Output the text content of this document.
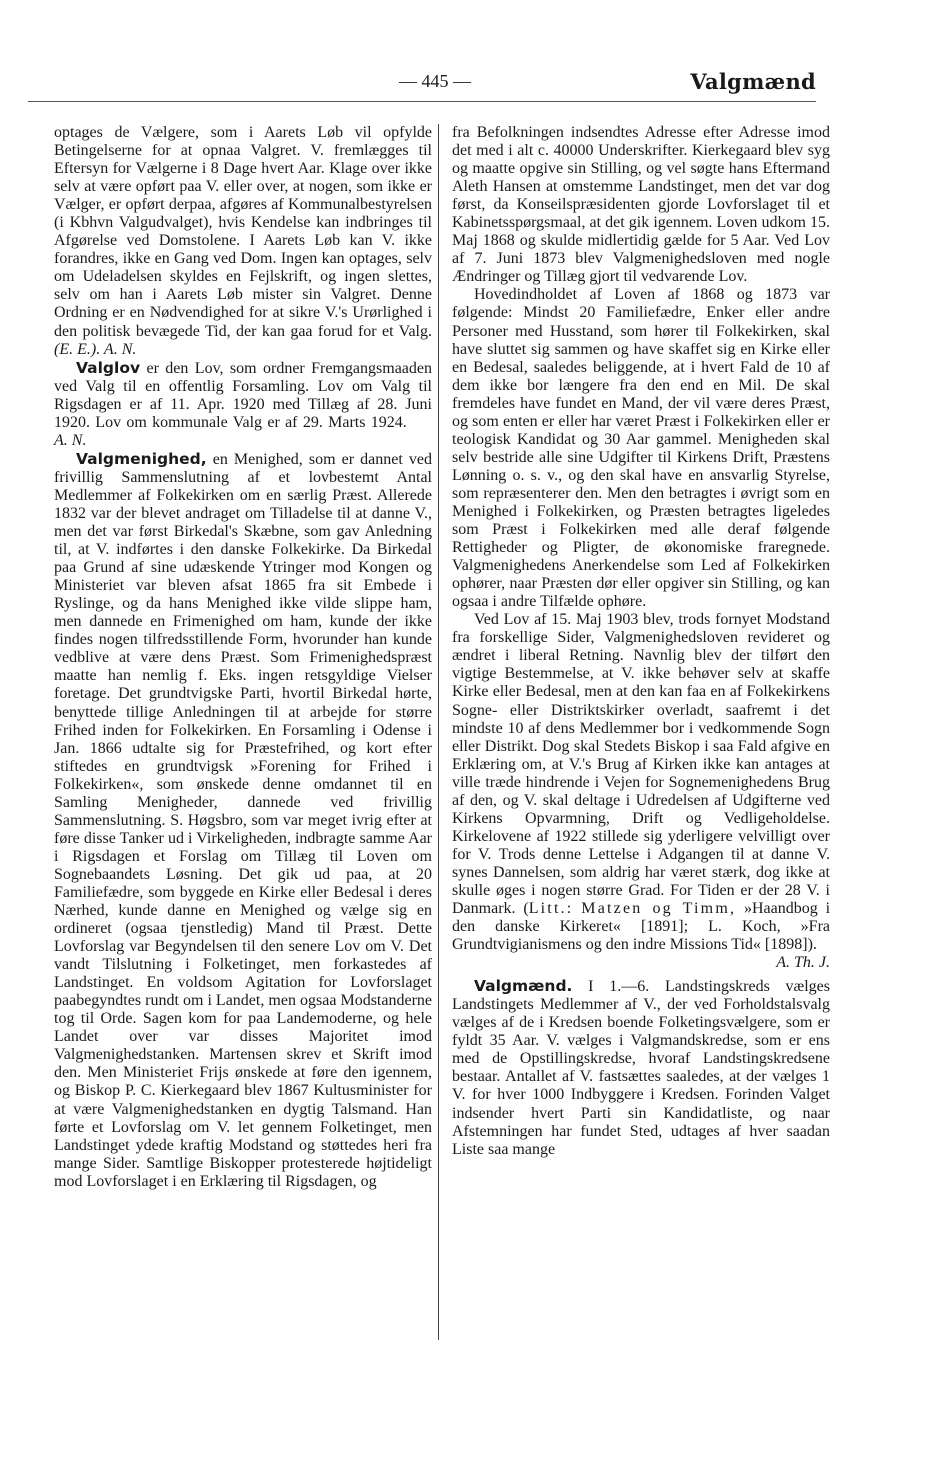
— 445 —	Valgmænd

optages de Vælgere, som i Aarets Løb vil opfylde Betingelserne for at opnaa Valgret. V. fremlægges til Eftersyn for Vælgerne i 8 Dage hvert Aar. Klage over ikke selv at være opført paa V. eller over, at nogen, som ikke er Vælger, er opført derpaa, afgøres af Kommunalbestyrelsen (i Kbhvn Valgudvalget), hvis Kendelse kan indbringes til Afgørelse ved Domstolene. I Aarets Løb kan V. ikke forandres, ikke en Gang ved Dom. Ingen kan optages, selv om Udeladelsen skyldes en Fejlskrift, og ingen slettes, selv om han i Aarets Løb mister sin Valgret. Denne Ordning er en Nødvendighed for at sikre V.'s Urørlighed i den politisk bevægede Tid, der kan gaa forud for et Valg. (E. E.). A. N.

Valglov er den Lov, som ordner Fremgangsmaaden ved Valg til en offentlig Forsamling. Lov om Valg til Rigsdagen er af 11. Apr. 1920 med Tillæg af 28. Juni 1920. Lov om kommunale Valg er af 29. Marts 1924.      A. N.

Valgmenighed, en Menighed, som er dannet ved frivillig Sammenslutning af et lovbestemt Antal Medlemmer af Folkekirken om en særlig Præst. Allerede 1832 var der blevet andraget om Tilladelse til at danne V., men det var først Birkedal's Skæbne, som gav Anledning til, at V. indførtes i den danske Folkekirke. Da Birkedal paa Grund af sine udæskende Ytringer mod Kongen og Ministeriet var bleven afsat 1865 fra sit Embede i Ryslinge, og da hans Menighed ikke vilde slippe ham, men dannede en Frimenighed om ham, kunde der ikke findes nogen tilfredsstillende Form, hvorunder han kunde vedblive at være dens Præst. Som Frimenighedspræst maatte han nemlig f. Eks. ingen retsgyldige Vielser foretage. Det grundtvigske Parti, hvortil Birkedal hørte, benyttede tillige Anledningen til at arbejde for større Frihed inden for Folkekirken. En Forsamling i Odense i Jan. 1866 udtalte sig for Præstefrihed, og kort efter stiftedes en grundtvigsk »Forening for Frihed i Folkekirken«, som ønskede denne omdannet til en Samling Menigheder, dannede ved frivillig Sammenslutning. S. Høgsbro, som var meget ivrig efter at føre disse Tanker ud i Virkeligheden, indbragte samme Aar i Rigsdagen et Forslag om Tillæg til Loven om Sognebaandets Løsning. Det gik ud paa, at 20 Familiefædre, som byggede en Kirke eller Bedesal i deres Nærhed, kunde danne en Menighed og vælge sig en ordineret (ogsaa tjenstledig) Mand til Præst. Dette Lovforslag var Begyndelsen til den senere Lov om V. Det vandt Tilslutning i Folketinget, men forkastedes af Landstinget. En voldsom Agitation for Lovforslaget paabegyndtes rundt om i Landet, men ogsaa Modstanderne tog til Orde. Sagen kom for paa Landemoderne, og hele Landet over var disses Majoritet imod Valgmenighedstanken. Martensen skrev et Skrift imod den. Men Ministeriet Frijs ønskede at føre den igennem, og Biskop P. C. Kierkegaard blev 1867 Kultusminister for at være Valgmenighedstanken en dygtig Talsmand. Han førte et Lovforslag om V. let gennem Folketinget, men Landstinget ydede kraftig Modstand og støttedes heri fra mange Sider. Samtlige Biskopper protesterede højtideligt mod Lovforslaget i en Erklæring til Rigsdagen, og

fra Befolkningen indsendtes Adresse efter Adresse imod det med i alt c. 40000 Underskrifter. Kierkegaard blev syg og maatte opgive sin Stilling, og vel søgte hans Eftermand Aleth Hansen at omstemme Landstinget, men det var dog først, da Konseilspræsidenten gjorde Lovforslaget til et Kabinetsspørgsmaal, at det gik igennem. Loven udkom 15. Maj 1868 og skulde midlertidig gælde for 5 Aar. Ved Lov af 7. Juni 1873 blev Valgmenighedsloven med nogle Ændringer og Tillæg gjort til vedvarende Lov.

Hovedindholdet af Loven af 1868 og 1873 var følgende: Mindst 20 Familiefædre, Enker eller andre Personer med Husstand, som hører til Folkekirken, skal have sluttet sig sammen og have skaffet sig en Kirke eller en Bedesal, saaledes beliggende, at i hvert Fald de 10 af dem ikke bor længere fra den end en Mil. De skal fremdeles have fundet en Mand, der vil være deres Præst, og som enten er eller har været Præst i Folkekirken eller er teologisk Kandidat og 30 Aar gammel. Menigheden skal selv bestride alle sine Udgifter til Kirkens Drift, Præstens Lønning o. s. v., og den skal have en ansvarlig Styrelse, som repræsenterer den. Men den betragtes i øvrigt som en Menighed i Folkekirken, og Præsten betragtes ligeledes som Præst i Folkekirken med alle deraf følgende Rettigheder og Pligter, de økonomiske fraregnede. Valgmenighedens Anerkendelse som Led af Folkekirken ophører, naar Præsten dør eller opgiver sin Stilling, og kan ogsaa i andre Tilfælde ophøre.

Ved Lov af 15. Maj 1903 blev, trods fornyet Modstand fra forskellige Sider, Valgmenighedsloven revideret og ændret i liberal Retning. Navnlig blev der tilført den vigtige Bestemmelse, at V. ikke behøver selv at skaffe Kirke eller Bedesal, men at den kan faa en af Folkekirkens Sogne- eller Distriktskirker overladt, saafremt i det mindste 10 af dens Medlemmer bor i vedkommende Sogn eller Distrikt. Dog skal Stedets Biskop i saa Fald afgive en Erklæring om, at V.'s Brug af Kirken ikke kan antages at ville træde hindrende i Vejen for Sognemenighedens Brug af den, og V. skal deltage i Udredelsen af Udgifterne ved Kirkens Opvarmning, Drift og Vedligeholdelse. Kirkelovene af 1922 stillede sig yderligere velvilligt over for V. Trods denne Lettelse i Adgangen til at danne V. synes Dannelsen, som aldrig har været stærk, dog ikke at skulle øges i nogen større Grad. For Tiden er der 28 V. i Danmark. (Litt.: Matzen og Timm, »Haandbog i den danske Kirkeret« [1891]; L. Koch, »Fra Grundtvigianismens og den indre Missions Tid« [1898]).
A. Th. J.

Valgmænd. I 1.—6. Landstingskreds vælges Landstingets Medlemmer af V., der ved Forholdstalsvalg vælges af de i Kredsen boende Folketingsvælgere, som er fyldt 35 Aar. V. vælges i Valgmandskredse, som er ens med de Opstillingskredse, hvoraf Landstingskredsene bestaar. Antallet af V. fastsættes saaledes, at der vælges 1 V. for hver 1000 Indbyggere i Kredsen. Forinden Valget indsender hvert Parti sin Kandidatliste, og naar Afstemningen har fundet Sted, udtages af hver saadan Liste saa mange
